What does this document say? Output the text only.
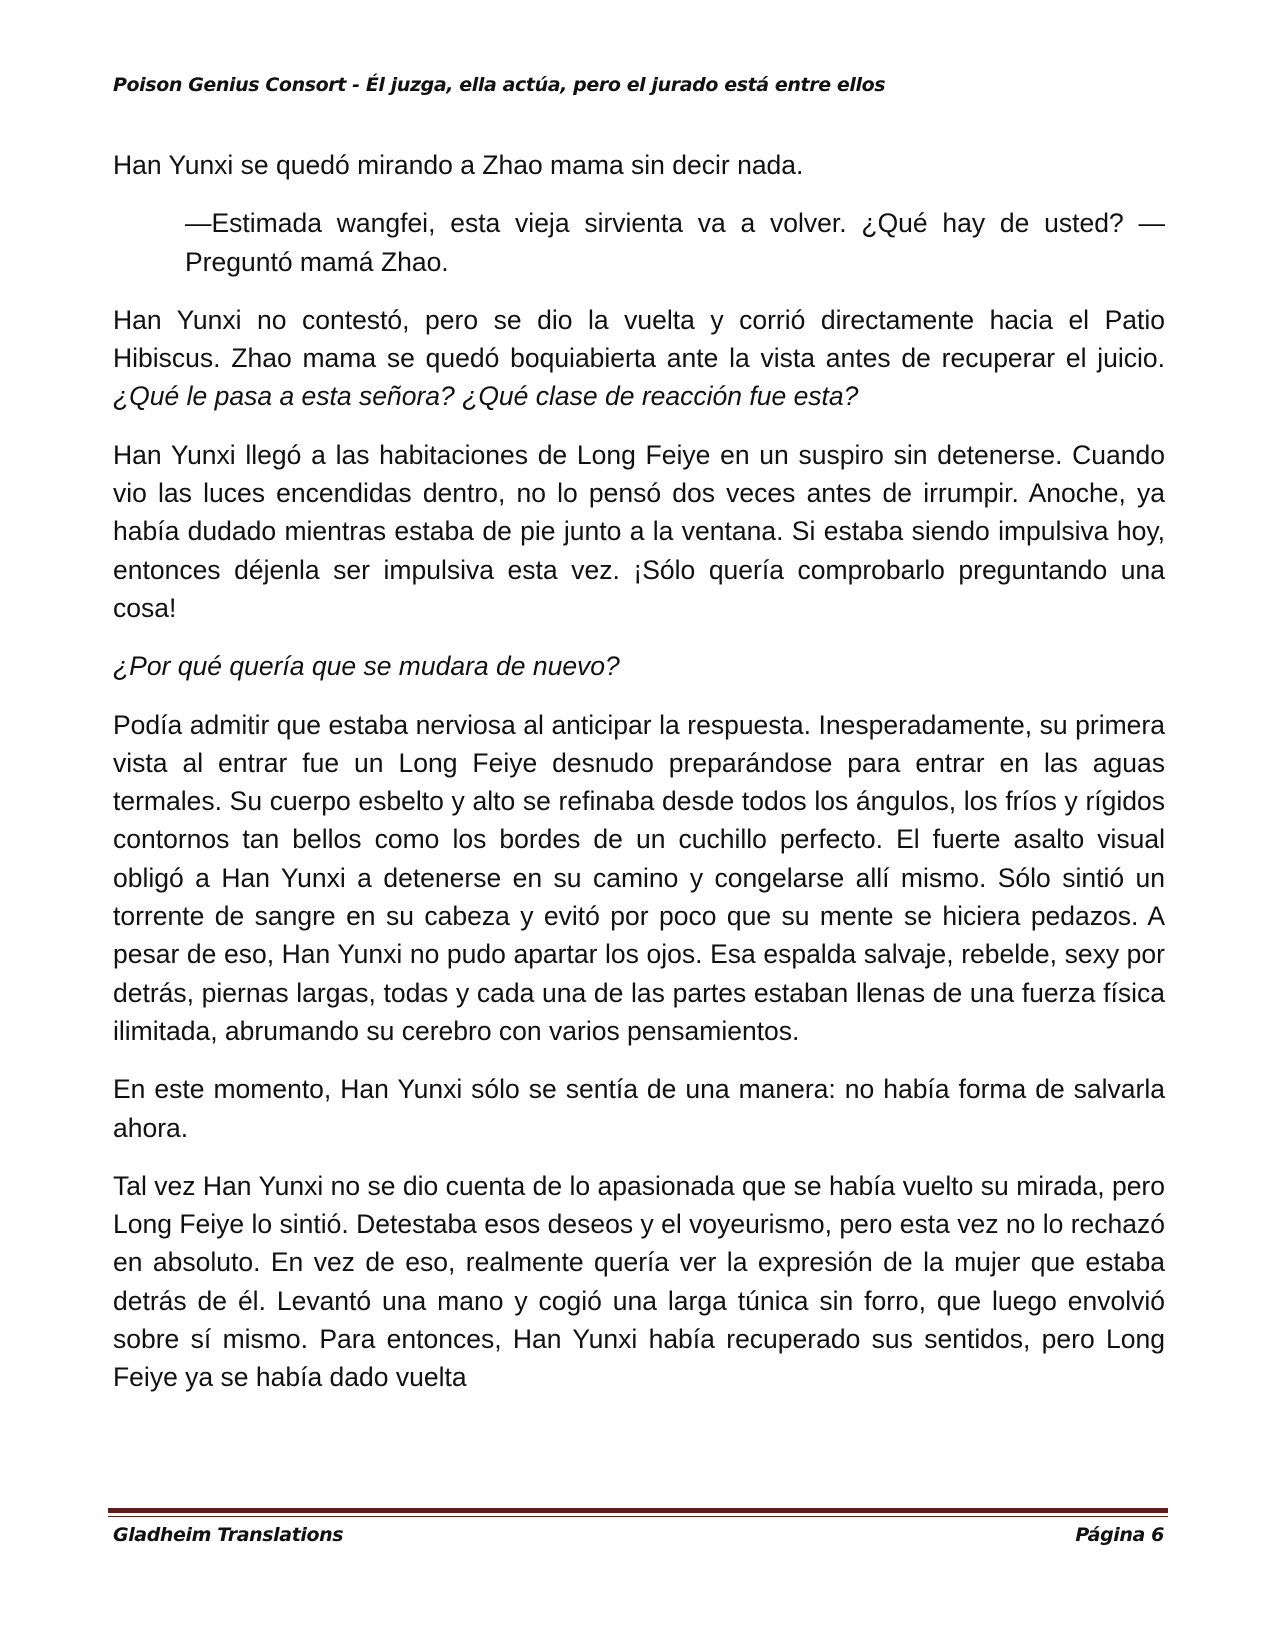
Poison Genius Consort - Él juzga, ella actúa, pero el jurado está entre ellos

Han Yunxi se quedó mirando a Zhao mama sin decir nada.

—Estimada wangfei, esta vieja sirvienta va a volver. ¿Qué hay de usted? —Preguntó mamá Zhao.

Han Yunxi no contestó, pero se dio la vuelta y corrió directamente hacia el Patio Hibiscus. Zhao mama se quedó boquiabierta ante la vista antes de recuperar el juicio. ¿Qué le pasa a esta señora? ¿Qué clase de reacción fue esta?

Han Yunxi llegó a las habitaciones de Long Feiye en un suspiro sin detenerse. Cuando vio las luces encendidas dentro, no lo pensó dos veces antes de irrumpir. Anoche, ya había dudado mientras estaba de pie junto a la ventana. Si estaba siendo impulsiva hoy, entonces déjenla ser impulsiva esta vez. ¡Sólo quería comprobarlo preguntando una cosa!

¿Por qué quería que se mudara de nuevo?

Podía admitir que estaba nerviosa al anticipar la respuesta. Inesperadamente, su primera vista al entrar fue un Long Feiye desnudo preparándose para entrar en las aguas termales. Su cuerpo esbelto y alto se refinaba desde todos los ángulos, los fríos y rígidos contornos tan bellos como los bordes de un cuchillo perfecto. El fuerte asalto visual obligó a Han Yunxi a detenerse en su camino y congelarse allí mismo. Sólo sintió un torrente de sangre en su cabeza y evitó por poco que su mente se hiciera pedazos. A pesar de eso, Han Yunxi no pudo apartar los ojos. Esa espalda salvaje, rebelde, sexy por detrás, piernas largas, todas y cada una de las partes estaban llenas de una fuerza física ilimitada, abrumando su cerebro con varios pensamientos.

En este momento, Han Yunxi sólo se sentía de una manera: no había forma de salvarla ahora.

Tal vez Han Yunxi no se dio cuenta de lo apasionada que se había vuelto su mirada, pero Long Feiye lo sintió. Detestaba esos deseos y el voyeurismo, pero esta vez no lo rechazó en absoluto. En vez de eso, realmente quería ver la expresión de la mujer que estaba detrás de él. Levantó una mano y cogió una larga túnica sin forro, que luego envolvió sobre sí mismo. Para entonces, Han Yunxi había recuperado sus sentidos, pero Long Feiye ya se había dado vuelta

Gladheim Translations	Página 6
